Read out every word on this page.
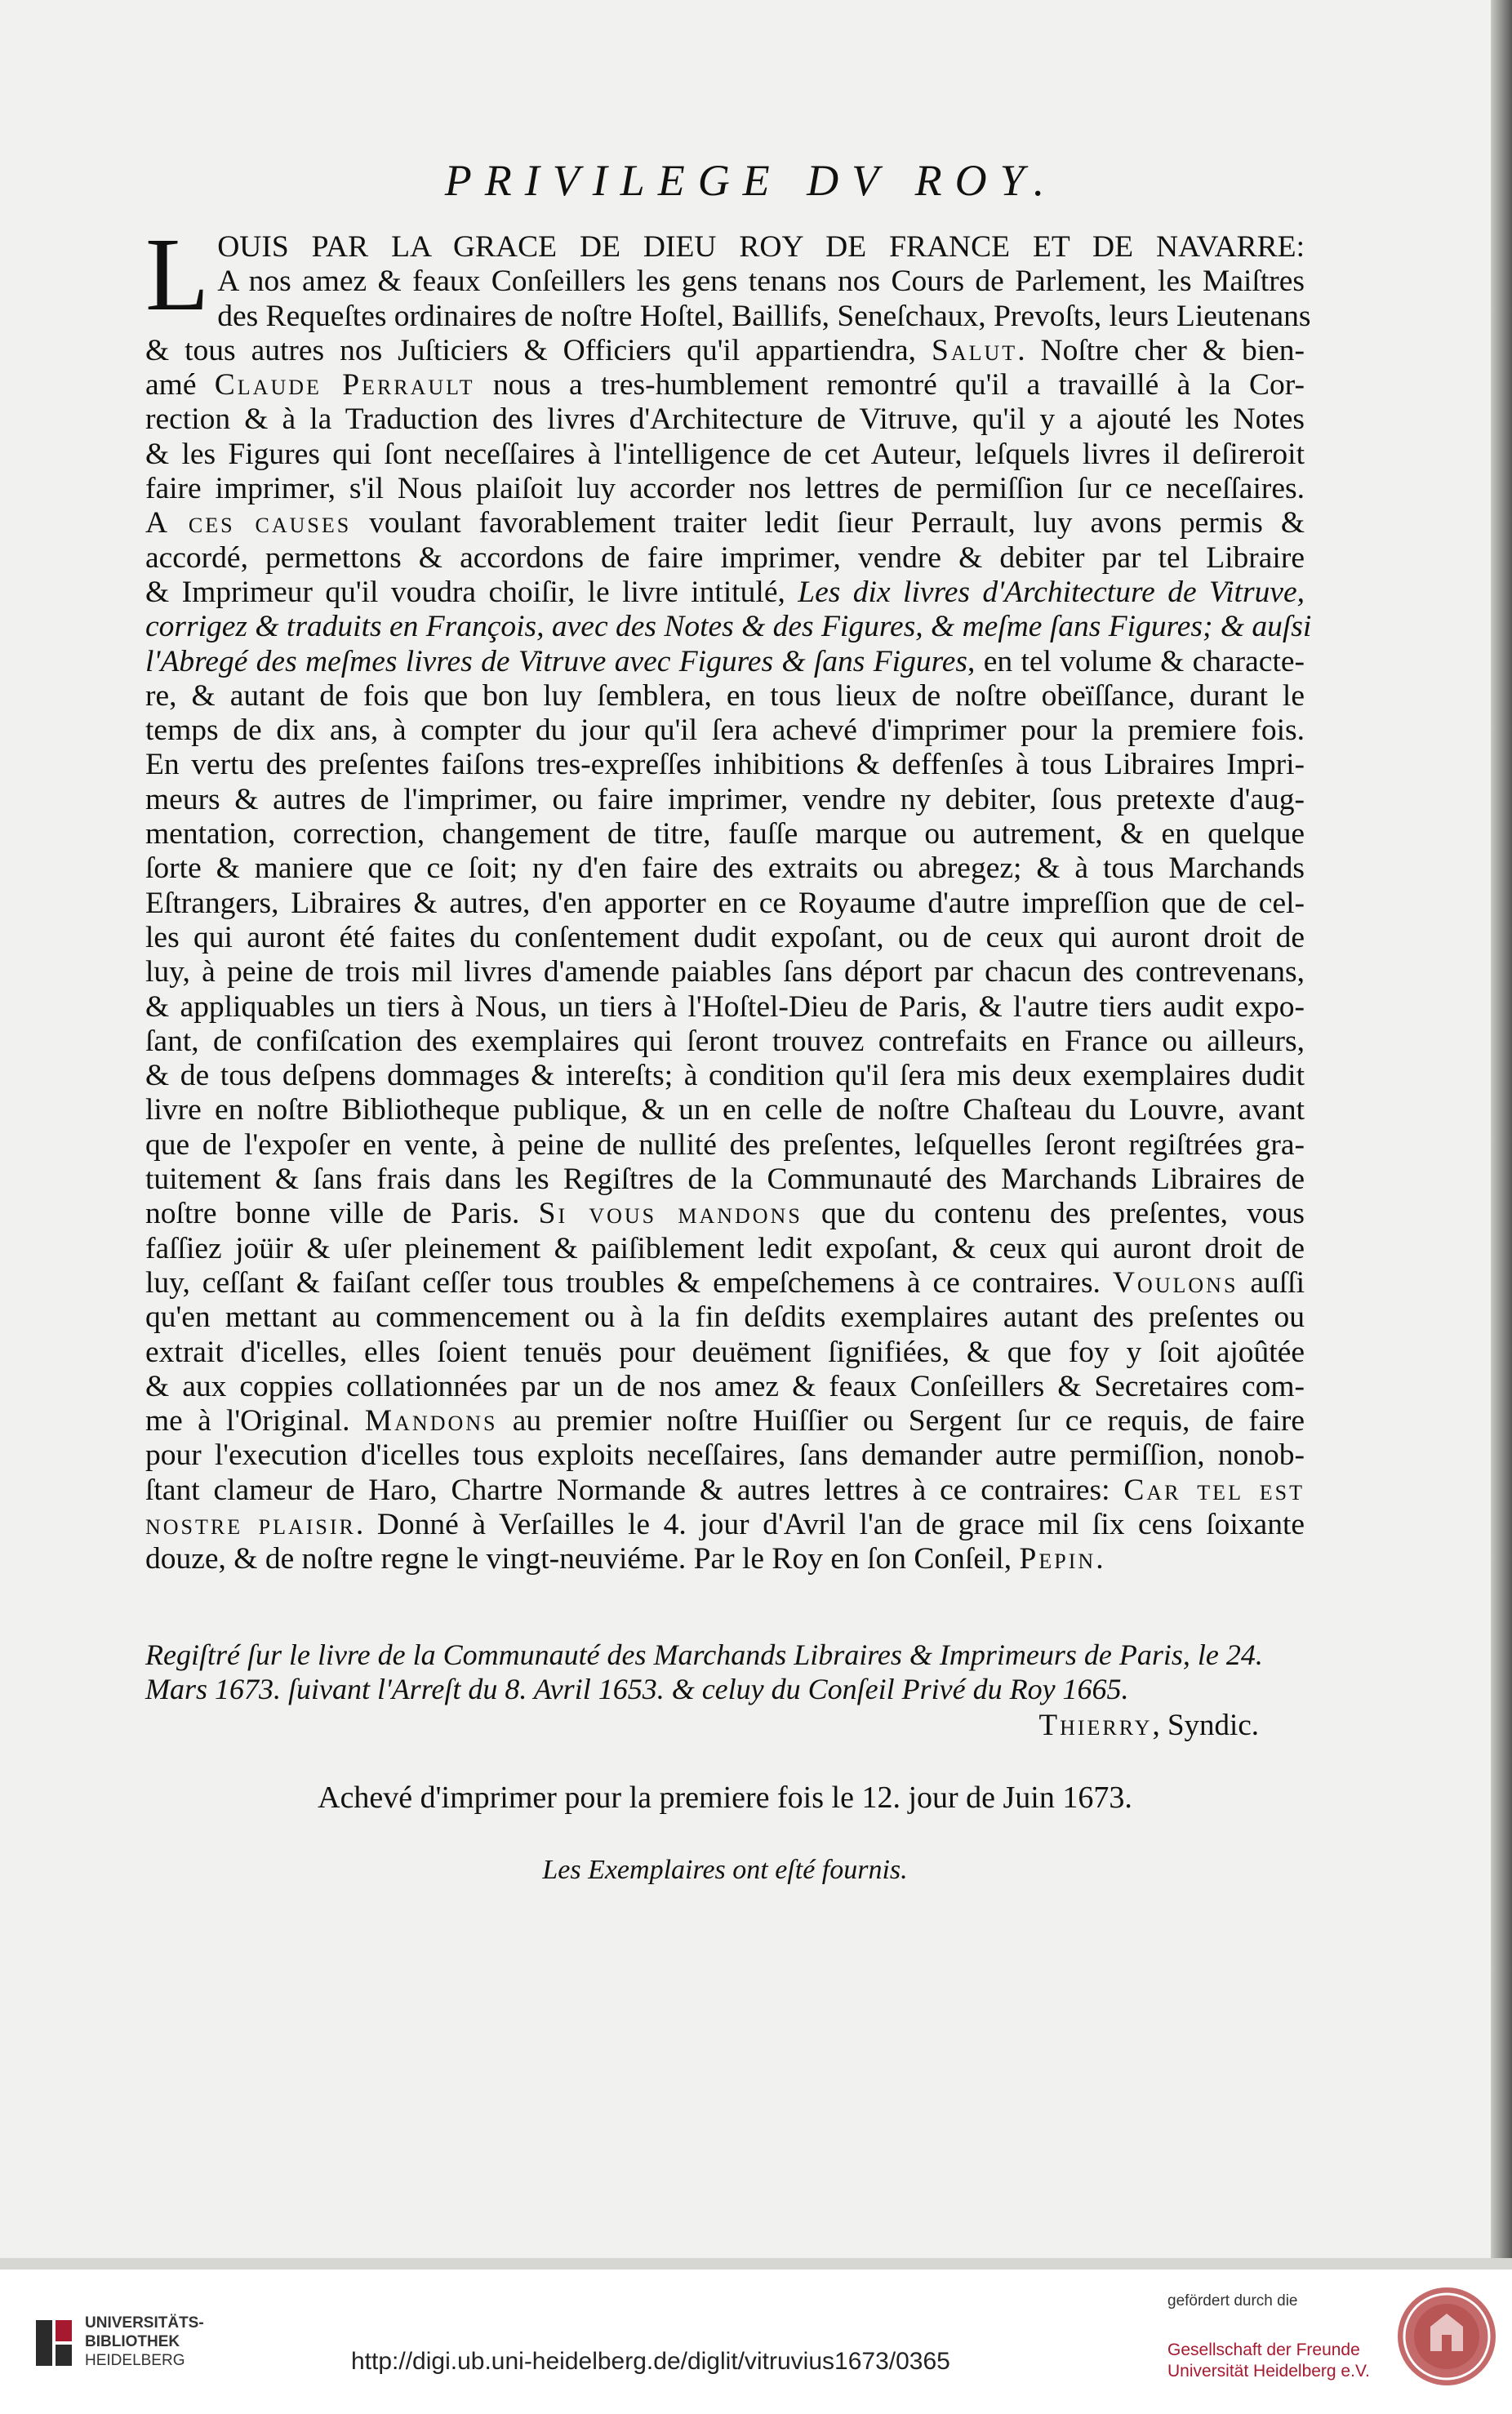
PRIVILEGE DV ROY.
L OUIS PAR LA GRACE DE DIEU ROY DE FRANCE ET DE NAVARRE:
A nos amez & feaux Conſeillers les gens tenans nos Cours de Parlement, les Maiſtres
des Requeſtes ordinaires de noſtre Hoſtel, Baillifs, Seneſchaux, Prevoſts, leurs Lieutenans
& tous autres nos Juſticiers & Officiers qu'il appartiendra, Salut. Noſtre cher & bien-
amé Claude Perrault nous a tres-humblement remontré qu'il a travaillé à la Cor-
rection & à la Traduction des livres d'Architecture de Vitruve, qu'il y a ajouté les Notes
& les Figures qui ſont neceſſaires à l'intelligence de cet Auteur, leſquels livres il deſireroit
faire imprimer, s'il Nous plaiſoit luy accorder nos lettres de permiſſion ſur ce neceſſaires.
A ces causes voulant favorablement traiter ledit ſieur Perrault, luy avons permis &
accordé, permettons & accordons de faire imprimer, vendre & debiter par tel Libraire
& Imprimeur qu'il voudra choiſir, le livre intitulé, Les dix livres d'Architecture de Vitruve,
corrigez & traduits en François, avec des Notes & des Figures, & meſme ſans Figures; & auſsi
l'Abregé des meſmes livres de Vitruve avec Figures & ſans Figures, en tel volume & characte-
re, & autant de fois que bon luy ſemblera, en tous lieux de noſtre obeïſſance, durant le
temps de dix ans, à compter du jour qu'il ſera achevé d'imprimer pour la premiere fois.
En vertu des preſentes faiſons tres-expreſſes inhibitions & deffenſes à tous Libraires Impri-
meurs & autres de l'imprimer, ou faire imprimer, vendre ny debiter, ſous pretexte d'aug-
mentation, correction, changement de titre, fauſſe marque ou autrement, & en quelque
ſorte & maniere que ce ſoit; ny d'en faire des extraits ou abregez; & à tous Marchands
Eſtrangers, Libraires & autres, d'en apporter en ce Royaume d'autre impreſſion que de cel-
les qui auront été faites du conſentement dudit expoſant, ou de ceux qui auront droit de
luy, à peine de trois mil livres d'amende paiables ſans déport par chacun des contrevenans,
& appliquables un tiers à Nous, un tiers à l'Hoſtel-Dieu de Paris, & l'autre tiers audit expo-
ſant, de confiſcation des exemplaires qui ſeront trouvez contrefaits en France ou ailleurs,
& de tous deſpens dommages & intereſts; à condition qu'il ſera mis deux exemplaires dudit
livre en noſtre Bibliotheque publique, & un en celle de noſtre Chaſteau du Louvre, avant
que de l'expoſer en vente, à peine de nullité des preſentes, leſquelles ſeront regiſtrées gra-
tuitement & ſans frais dans les Regiſtres de la Communauté des Marchands Libraires de
noſtre bonne ville de Paris. Si vous mandons que du contenu des preſentes, vous
faſſiez joüir & uſer pleinement & paiſiblement ledit expoſant, & ceux qui auront droit de
luy, ceſſant & faiſant ceſſer tous troubles & empeſchemens à ce contraires. Voulons auſſi
qu'en mettant au commencement ou à la fin deſdits exemplaires autant des preſentes ou
extrait d'icelles, elles ſoient tenuës pour deuëment ſignifiées, & que foy y ſoit ajoûtée
& aux coppies collationnées par un de nos amez & feaux Conſeillers & Secretaires com-
me à l'Original. Mandons au premier noſtre Huiſſier ou Sergent ſur ce requis, de faire
pour l'execution d'icelles tous exploits neceſſaires, ſans demander autre permiſſion, nonob-
ſtant clameur de Haro, Chartre Normande & autres lettres à ce contraires: Car tel est
nostre plaisir. Donné à Verſailles le 4. jour d'Avril l'an de grace mil ſix cens ſoixante
douze, & de noſtre regne le vingt-neuviéme. Par le Roy en ſon Conſeil, Pepin.
Regiſtré ſur le livre de la Communauté des Marchands Libraires & Imprimeurs de Paris, le 24.
Mars 1673. ſuivant l'Arreſt du 8. Avril 1653. & celuy du Conſeil Privé du Roy 1665.
Thierry, Syndic.
Achevé d'imprimer pour la premiere fois le 12. jour de Juin 1673.
Les Exemplaires ont eſté fournis.
UNIVERSITÄTS-
BIBLIOTHEK
HEIDELBERG	http://digi.ub.uni-heidelberg.de/diglit/vitruvius1673/0365
gefördert durch die
Gesellschaft der Freunde
Universität Heidelberg e.V.
